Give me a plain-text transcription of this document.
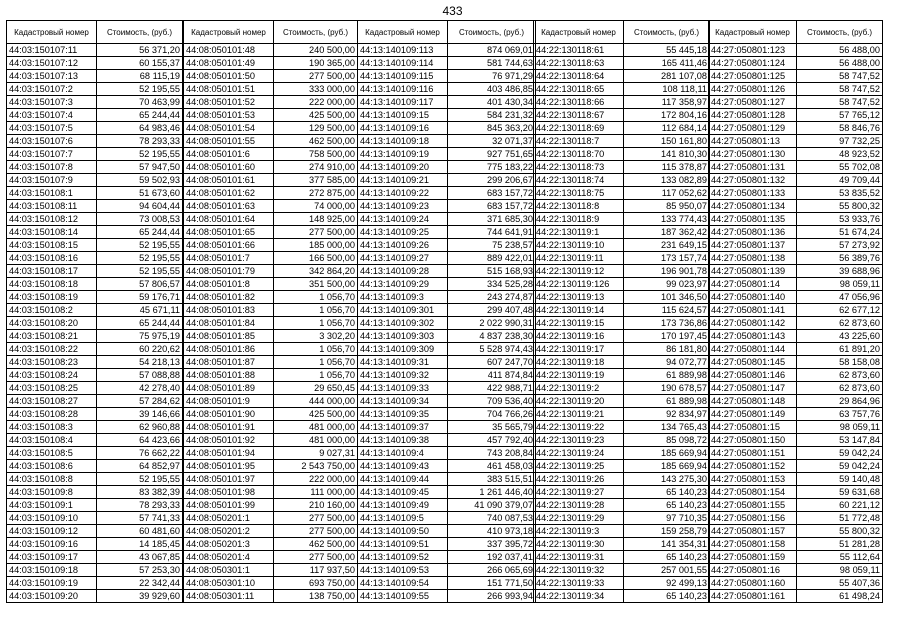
433
Кадастровый номер	Стоимость, (руб.)
44:03:150107:11	56 371,20
44:03:150107:12	60 155,37
44:03:150107:13	68 115,19
44:03:150107:2	52 195,55
44:03:150107:3	70 463,99
44:03:150107:4	65 244,44
44:03:150107:5	64 983,46
44:03:150107:6	78 293,33
44:03:150107:7	52 195,55
44:03:150107:8	57 947,50
44:03:150107:9	59 502,93
44:03:150108:1	51 673,60
44:03:150108:11	94 604,44
44:03:150108:12	73 008,53
44:03:150108:14	65 244,44
44:03:150108:15	52 195,55
44:03:150108:16	52 195,55
44:03:150108:17	52 195,55
44:03:150108:18	57 806,57
44:03:150108:19	59 176,71
44:03:150108:2	45 671,11
44:03:150108:20	65 244,44
44:03:150108:21	75 975,19
44:03:150108:22	60 220,62
44:03:150108:23	54 218,13
44:03:150108:24	57 088,88
44:03:150108:25	42 278,40
44:03:150108:27	57 284,62
44:03:150108:28	39 146,66
44:03:150108:3	62 960,88
44:03:150108:4	64 423,66
44:03:150108:5	76 662,22
44:03:150108:6	64 852,97
44:03:150108:8	52 195,55
44:03:150109:8	83 382,39
44:03:150109:1	78 293,33
44:03:150109:10	57 741,33
44:03:150109:12	60 481,60
44:03:150109:16	14 185,45
44:03:150109:17	43 067,85
44:03:150109:18	57 253,30
44:03:150109:19	22 342,44
44:03:150109:20	39 929,60
Кадастровый номер	Стоимость, (руб.)
44:08:050101:48	240 500,00
44:08:050101:49	190 365,00
44:08:050101:50	277 500,00
44:08:050101:51	333 000,00
44:08:050101:52	222 000,00
44:08:050101:53	425 500,00
44:08:050101:54	129 500,00
44:08:050101:55	462 500,00
44:08:050101:6	758 500,00
44:08:050101:60	274 910,00
44:08:050101:61	377 585,00
44:08:050101:62	272 875,00
44:08:050101:63	74 000,00
44:08:050101:64	148 925,00
44:08:050101:65	277 500,00
44:08:050101:66	185 000,00
44:08:050101:7	166 500,00
44:08:050101:79	342 864,20
44:08:050101:8	351 500,00
44:08:050101:82	1 056,70
44:08:050101:83	1 056,70
44:08:050101:84	1 056,70
44:08:050101:85	3 302,20
44:08:050101:86	1 056,70
44:08:050101:87	1 056,70
44:08:050101:88	1 056,70
44:08:050101:89	29 650,45
44:08:050101:9	444 000,00
44:08:050101:90	425 500,00
44:08:050101:91	481 000,00
44:08:050101:92	481 000,00
44:08:050101:94	9 027,31
44:08:050101:95	2 543 750,00
44:08:050101:97	222 000,00
44:08:050101:98	111 000,00
44:08:050101:99	210 160,00
44:08:050201:1	277 500,00
44:08:050201:2	277 500,00
44:08:050201:3	462 500,00
44:08:050201:4	277 500,00
44:08:050301:1	117 937,50
44:08:050301:10	693 750,00
44:08:050301:11	138 750,00
Кадастровый номер	Стоимость, (руб.)
44:13:140109:113	874 069,01
44:13:140109:114	581 744,63
44:13:140109:115	76 971,29
44:13:140109:116	403 486,85
44:13:140109:117	401 430,34
44:13:140109:15	584 231,32
44:13:140109:16	845 363,20
44:13:140109:18	32 071,37
44:13:140109:19	927 751,65
44:13:140109:20	775 183,22
44:13:140109:21	299 206,67
44:13:140109:22	683 157,72
44:13:140109:23	683 157,72
44:13:140109:24	371 685,30
44:13:140109:25	744 641,91
44:13:140109:26	75 238,57
44:13:140109:27	889 422,01
44:13:140109:28	515 168,93
44:13:140109:29	334 525,28
44:13:140109:3	243 274,87
44:13:140109:301	299 407,48
44:13:140109:302	2 022 990,31
44:13:140109:303	4 837 238,30
44:13:140109:309	5 528 974,43
44:13:140109:31	607 247,70
44:13:140109:32	411 874,84
44:13:140109:33	422 988,71
44:13:140109:34	709 536,40
44:13:140109:35	704 766,26
44:13:140109:37	35 565,79
44:13:140109:38	457 792,40
44:13:140109:4	743 208,84
44:13:140109:43	461 458,03
44:13:140109:44	383 515,51
44:13:140109:45	1 261 446,40
44:13:140109:49	41 090 379,07
44:13:140109:5	740 087,53
44:13:140109:50	410 973,18
44:13:140109:51	337 395,72
44:13:140109:52	192 037,41
44:13:140109:53	266 065,69
44:13:140109:54	151 771,50
44:13:140109:55	266 993,94
Кадастровый номер	Стоимость, (руб.)
44:22:130118:61	55 445,18
44:22:130118:63	165 411,46
44:22:130118:64	281 107,08
44:22:130118:65	108 118,11
44:22:130118:66	117 358,97
44:22:130118:67	172 804,16
44:22:130118:69	112 684,14
44:22:130118:7	150 161,80
44:22:130118:70	141 810,30
44:22:130118:73	115 378,87
44:22:130118:74	133 082,89
44:22:130118:75	117 052,62
44:22:130118:8	85 950,07
44:22:130118:9	133 774,43
44:22:130119:1	187 362,42
44:22:130119:10	231 649,15
44:22:130119:11	173 157,74
44:22:130119:12	196 901,78
44:22:130119:126	99 023,97
44:22:130119:13	101 346,50
44:22:130119:14	115 624,57
44:22:130119:15	173 736,86
44:22:130119:16	170 197,45
44:22:130119:17	86 181,80
44:22:130119:18	94 072,77
44:22:130119:19	61 889,98
44:22:130119:2	190 678,57
44:22:130119:20	61 889,98
44:22:130119:21	92 834,97
44:22:130119:22	134 765,43
44:22:130119:23	85 098,72
44:22:130119:24	185 669,94
44:22:130119:25	185 669,94
44:22:130119:26	143 275,30
44:22:130119:27	65 140,23
44:22:130119:28	65 140,23
44:22:130119:29	97 710,35
44:22:130119:3	159 258,79
44:22:130119:30	141 354,31
44:22:130119:31	65 140,23
44:22:130119:32	257 001,55
44:22:130119:33	92 499,13
44:22:130119:34	65 140,23
Кадастровый номер	Стоимость, (руб.)
44:27:050801:123	56 488,00
44:27:050801:124	56 488,00
44:27:050801:125	58 747,52
44:27:050801:126	58 747,52
44:27:050801:127	58 747,52
44:27:050801:128	57 765,12
44:27:050801:129	58 846,76
44:27:050801:13	97 732,25
44:27:050801:130	48 923,52
44:27:050801:131	55 702,08
44:27:050801:132	49 709,44
44:27:050801:133	53 835,52
44:27:050801:134	55 800,32
44:27:050801:135	53 933,76
44:27:050801:136	51 674,24
44:27:050801:137	57 273,92
44:27:050801:138	56 389,76
44:27:050801:139	39 688,96
44:27:050801:14	98 059,11
44:27:050801:140	47 056,96
44:27:050801:141	62 677,12
44:27:050801:142	62 873,60
44:27:050801:143	43 225,60
44:27:050801:144	61 891,20
44:27:050801:145	58 158,08
44:27:050801:146	62 873,60
44:27:050801:147	62 873,60
44:27:050801:148	29 864,96
44:27:050801:149	63 757,76
44:27:050801:15	98 059,11
44:27:050801:150	53 147,84
44:27:050801:151	59 042,24
44:27:050801:152	59 042,24
44:27:050801:153	59 140,48
44:27:050801:154	59 631,68
44:27:050801:155	60 221,12
44:27:050801:156	51 772,48
44:27:050801:157	55 800,32
44:27:050801:158	51 281,28
44:27:050801:159	55 112,64
44:27:050801:16	98 059,11
44:27:050801:160	55 407,36
44:27:050801:161	61 498,24
